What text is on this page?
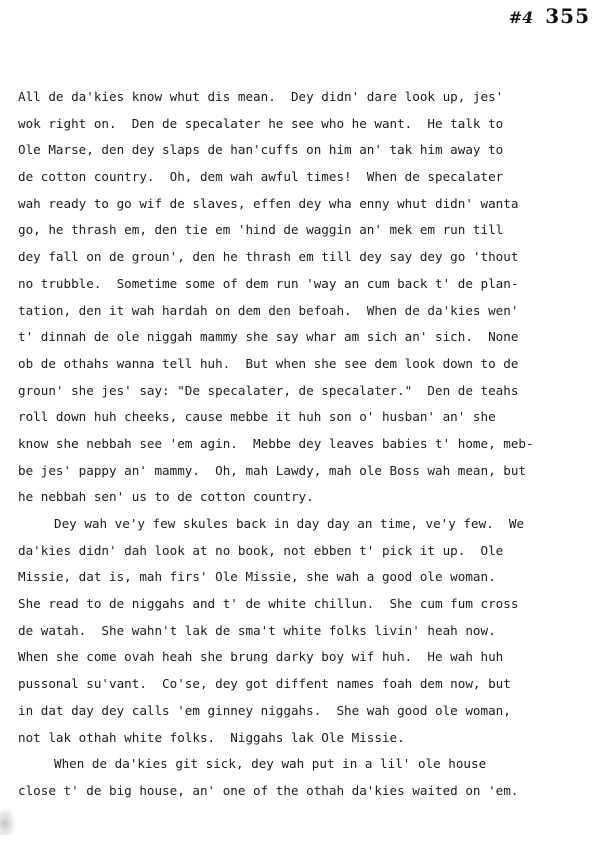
#4 355
All de da'kies know whut dis mean.  Dey didn' dare look up, jes'
wok right on.  Den de specalater he see who he want.  He talk to
Ole Marse, den dey slaps de han'cuffs on him an' tak him away to
de cotton country.  Oh, dem wah awful times!  When de specalater
wah ready to go wif de slaves, effen dey wha enny whut didn' wanta
go, he thrash em, den tie em 'hind de waggin an' mek em run till
dey fall on de groun', den he thrash em till dey say dey go 'thout
no trubble.  Sometime some of dem run 'way an cum back t' de plan-
tation, den it wah hardah on dem den befoah.  When de da'kies wen'
t' dinnah de ole niggah mammy she say whar am sich an' sich.  None
ob de othahs wanna tell huh.  But when she see dem look down to de
groun' she jes' say: "De specalater, de specalater."  Den de teahs
roll down huh cheeks, cause mebbe it huh son o' husban' an' she
know she nebbah see 'em agin.  Mebbe dey leaves babies t' home, meb-
be jes' pappy an' mammy.  Oh, mah Lawdy, mah ole Boss wah mean, but
he nebbah sen' us to de cotton country.
Dey wah ve'y few skules back in day day an time, ve'y few.  We
da'kies didn' dah look at no book, not ebben t' pick it up.  Ole
Missie, dat is, mah firs' Ole Missie, she wah a good ole woman.
She read to de niggahs and t' de white chillun.  She cum fum cross
de watah.  She wahn't lak de sma't white folks livin' heah now.
When she come ovah heah she brung darky boy wif huh.  He wah huh
pussonal su'vant.  Co'se, dey got diffent names foah dem now, but
in dat day dey calls 'em ginney niggahs.  She wah good ole woman,
not lak othah white folks.  Niggahs lak Ole Missie.
When de da'kies git sick, dey wah put in a lil' ole house
close t' de big house, an' one of the othah da'kies waited on 'em.
